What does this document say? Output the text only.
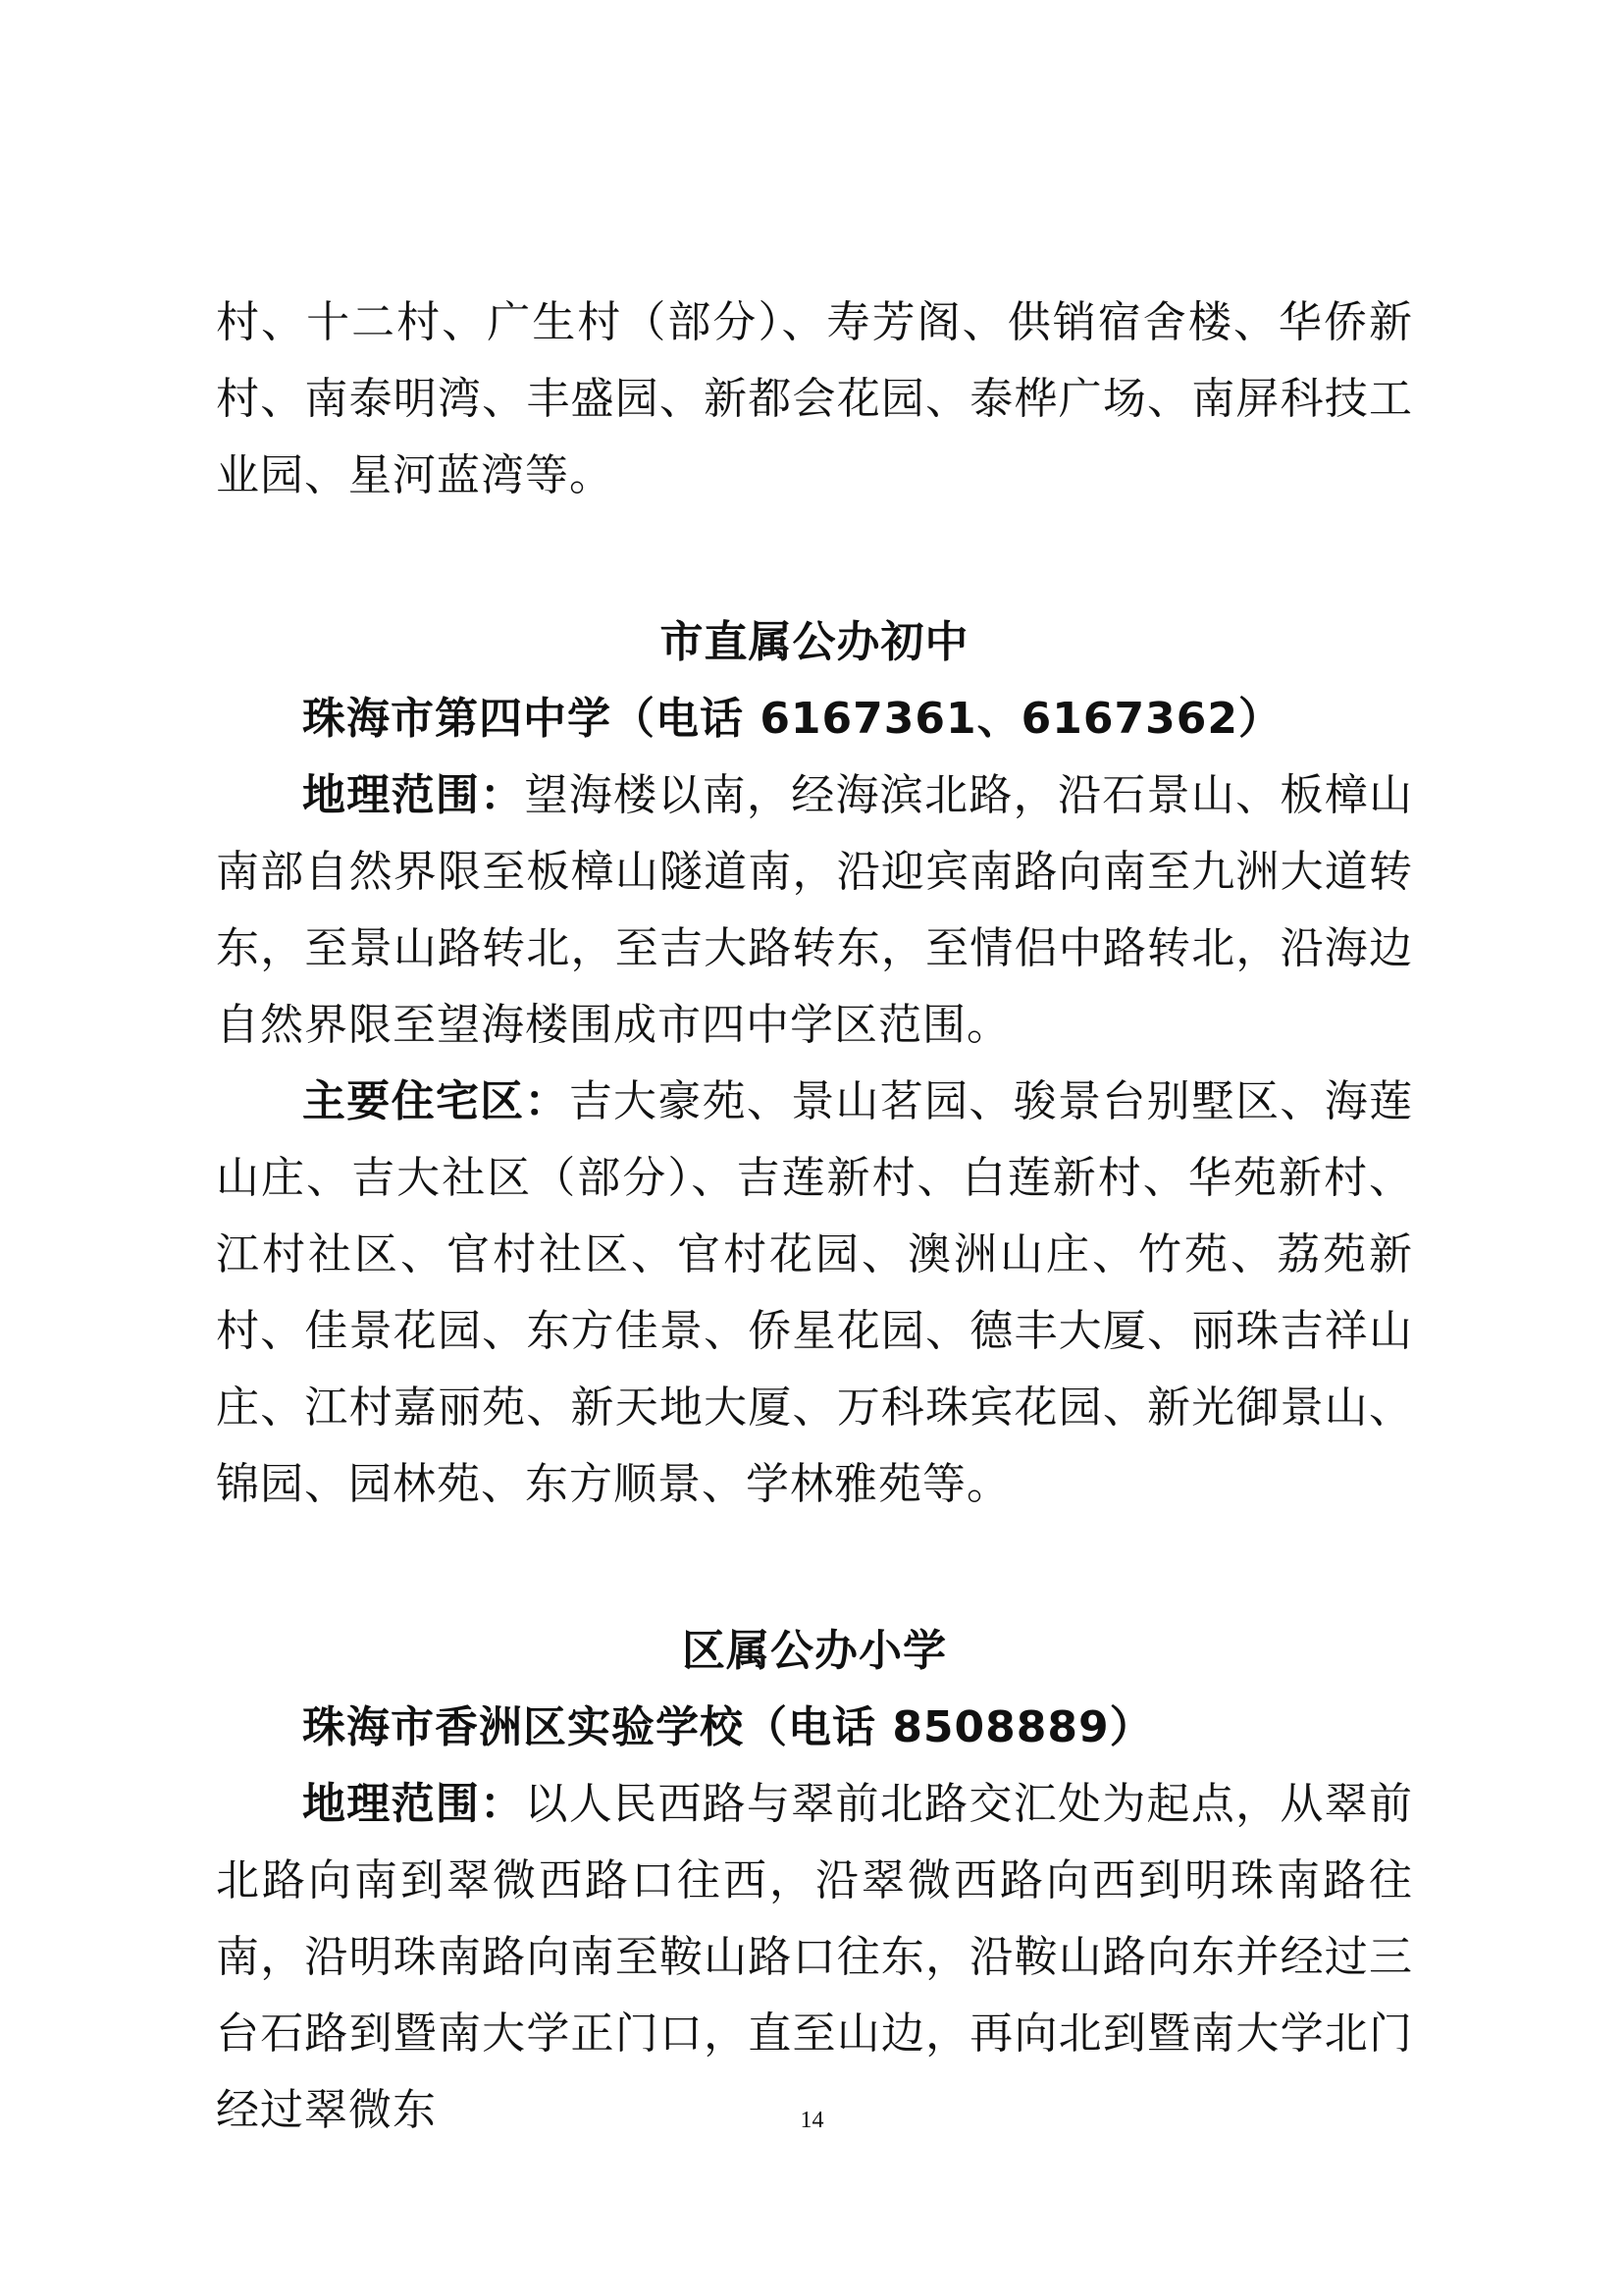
村、十二村、广生村（部分）、寿芳阁、供销宿舍楼、华侨新村、南泰明湾、丰盛园、新都会花园、泰桦广场、南屏科技工业园、星河蓝湾等。

市直属公办初中

珠海市第四中学（电话 6167361、6167362）

地理范围：望海楼以南，经海滨北路，沿石景山、板樟山南部自然界限至板樟山隧道南，沿迎宾南路向南至九洲大道转东，至景山路转北，至吉大路转东，至情侣中路转北，沿海边自然界限至望海楼围成市四中学区范围。

主要住宅区：吉大豪苑、景山茗园、骏景台别墅区、海莲山庄、吉大社区（部分）、吉莲新村、白莲新村、华苑新村、江村社区、官村社区、官村花园、澳洲山庄、竹苑、荔苑新村、佳景花园、东方佳景、侨星花园、德丰大厦、丽珠吉祥山庄、江村嘉丽苑、新天地大厦、万科珠宾花园、新光御景山、锦园、园林苑、东方顺景、学林雅苑等。

区属公办小学

珠海市香洲区实验学校（电话 8508889）

地理范围：以人民西路与翠前北路交汇处为起点，从翠前北路向南到翠微西路口往西，沿翠微西路向西到明珠南路往南，沿明珠南路向南至鞍山路口往东，沿鞍山路向东并经过三台石路到暨南大学正门口，直至山边，再向北到暨南大学北门经过翠微东	14
